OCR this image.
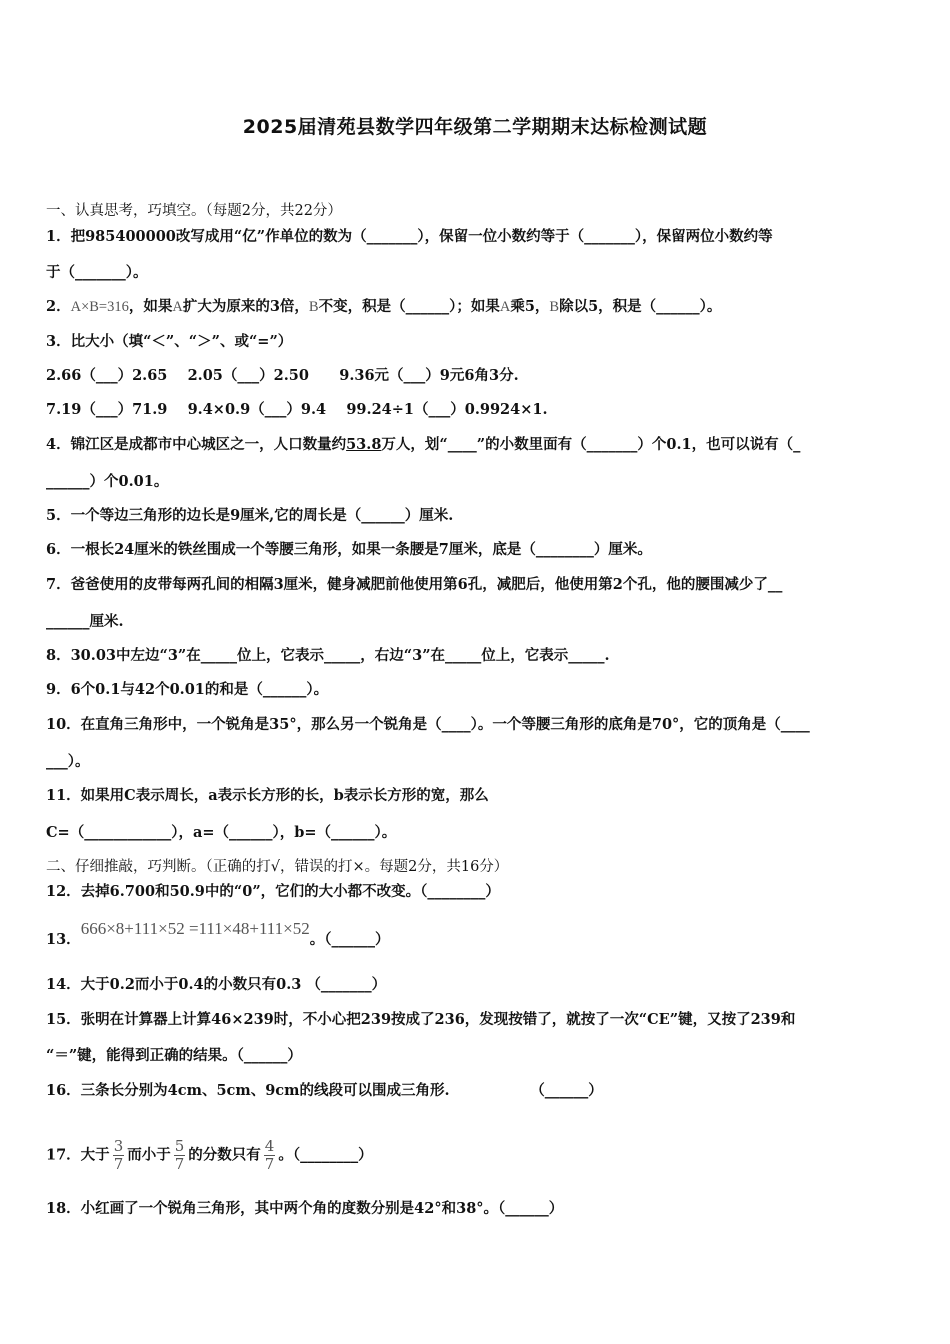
2025届清苑县数学四年级第二学期期末达标检测试题
一、认真思考，巧填空。（每题2分，共22分）
1．把985400000改写成用“亿”作单位的数为（_______），保留一位小数约等于（_______），保留两位小数约等
于（_______）。
2．A×B=316，如果A扩大为原来的3倍，B不变，积是（______）；如果A乘5，B除以5，积是（______）。
3．比大小（填“＜”、“＞”、或“=”）
2.66（___）2.65    2.05（___）2.50      9.36元（___）9元6角3分.
7.19（___）71.9    9.4×0.9（___）9.4    99.24÷1（___）0.9924×1.
4．锦江区是成都市中心城区之一，人口数量约53.8万人，划“____”的小数里面有（_______）个0.1，也可以说有（_
______）个0.01。
5．一个等边三角形的边长是9厘米,它的周长是（______）厘米.
6．一根长24厘米的铁丝围成一个等腰三角形，如果一条腰是7厘米，底是（________）厘米。
7．爸爸使用的皮带每两孔间的相隔3厘米，健身减肥前他使用第6孔，减肥后，他使用第2个孔，他的腰围减少了__
______厘米.
8．30.03中左边“3”在_____位上，它表示_____，右边“3”在_____位上，它表示_____.
9．6个0.1与42个0.01的和是（______）。
10．在直角三角形中，一个锐角是35°，那么另一个锐角是（____）。一个等腰三角形的底角是70°，它的顶角是（____
___）。
11．如果用C表示周长，a表示长方形的长，b表示长方形的宽，那么
C=（____________），a=（______），b=（______）。
二、仔细推敲，巧判断。（正确的打√，错误的打×。每题2分，共16分）
12．去掉6.700和50.9中的“0”，它们的大小都不改变。（________）
13．666×8+111×52 =111×48+111×52。（______）
14．大于0.2而小于0.4的小数只有0.3 （_______）
15．张明在计算器上计算46×239时，不小心把239按成了236，发现按错了，就按了一次“CE”键，又按了239和
“＝”键，能得到正确的结果。（______）
16．三条长分别为4cm、5cm、9cm的线段可以围成三角形.                （______）
17．大于 $\frac{3}{7}$ 而小于 $\frac{5}{7}$ 的分数只有 $\frac{4}{7}$ 。（________）
18．小红画了一个锐角三角形，其中两个角的度数分别是42°和38°。（______）
